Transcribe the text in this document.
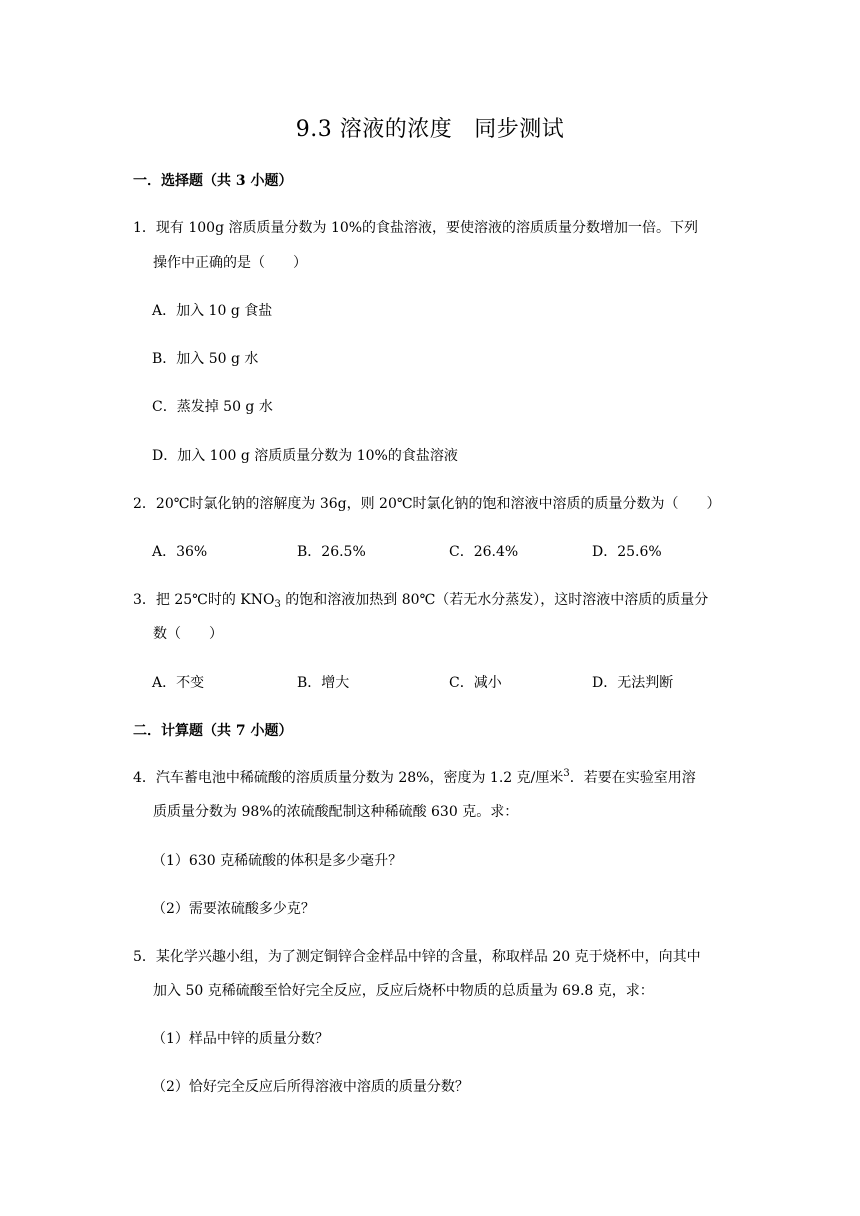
9.3 溶液的浓度 同步测试
一．选择题（共 3 小题）
1．现有 100g 溶质质量分数为 10%的食盐溶液，要使溶液的溶质质量分数增加一倍。下列
操作中正确的是（　　）
A．加入 10 g 食盐
B．加入 50 g 水
C．蒸发掉 50 g 水
D．加入 100 g 溶质质量分数为 10%的食盐溶液
2．20℃时氯化钠的溶解度为 36g，则 20℃时氯化钠的饱和溶液中溶质的质量分数为（　　）
A．36%	B．26.5%	C．26.4%	D．25.6%
3．把 25℃时的 $KNO_3$ 的饱和溶液加热到 80℃（若无水分蒸发），这时溶液中溶质的质量分
数（　　）
A．不变	B．增大	C．减小	D．无法判断
二．计算题（共 7 小题）
4．汽车蓄电池中稀硫酸的溶质质量分数为 28%，密度为 1.2 克/厘米$^3$．若要在实验室用溶
质质量分数为 98%的浓硫酸配制这种稀硫酸 630 克。求：
（1）630 克稀硫酸的体积是多少毫升？
（2）需要浓硫酸多少克？
5．某化学兴趣小组，为了测定铜锌合金样品中锌的含量，称取样品 20 克于烧杯中，向其中
加入 50 克稀硫酸至恰好完全反应，反应后烧杯中物质的总质量为 69.8 克，求：
（1）样品中锌的质量分数？
（2）恰好完全反应后所得溶液中溶质的质量分数？
